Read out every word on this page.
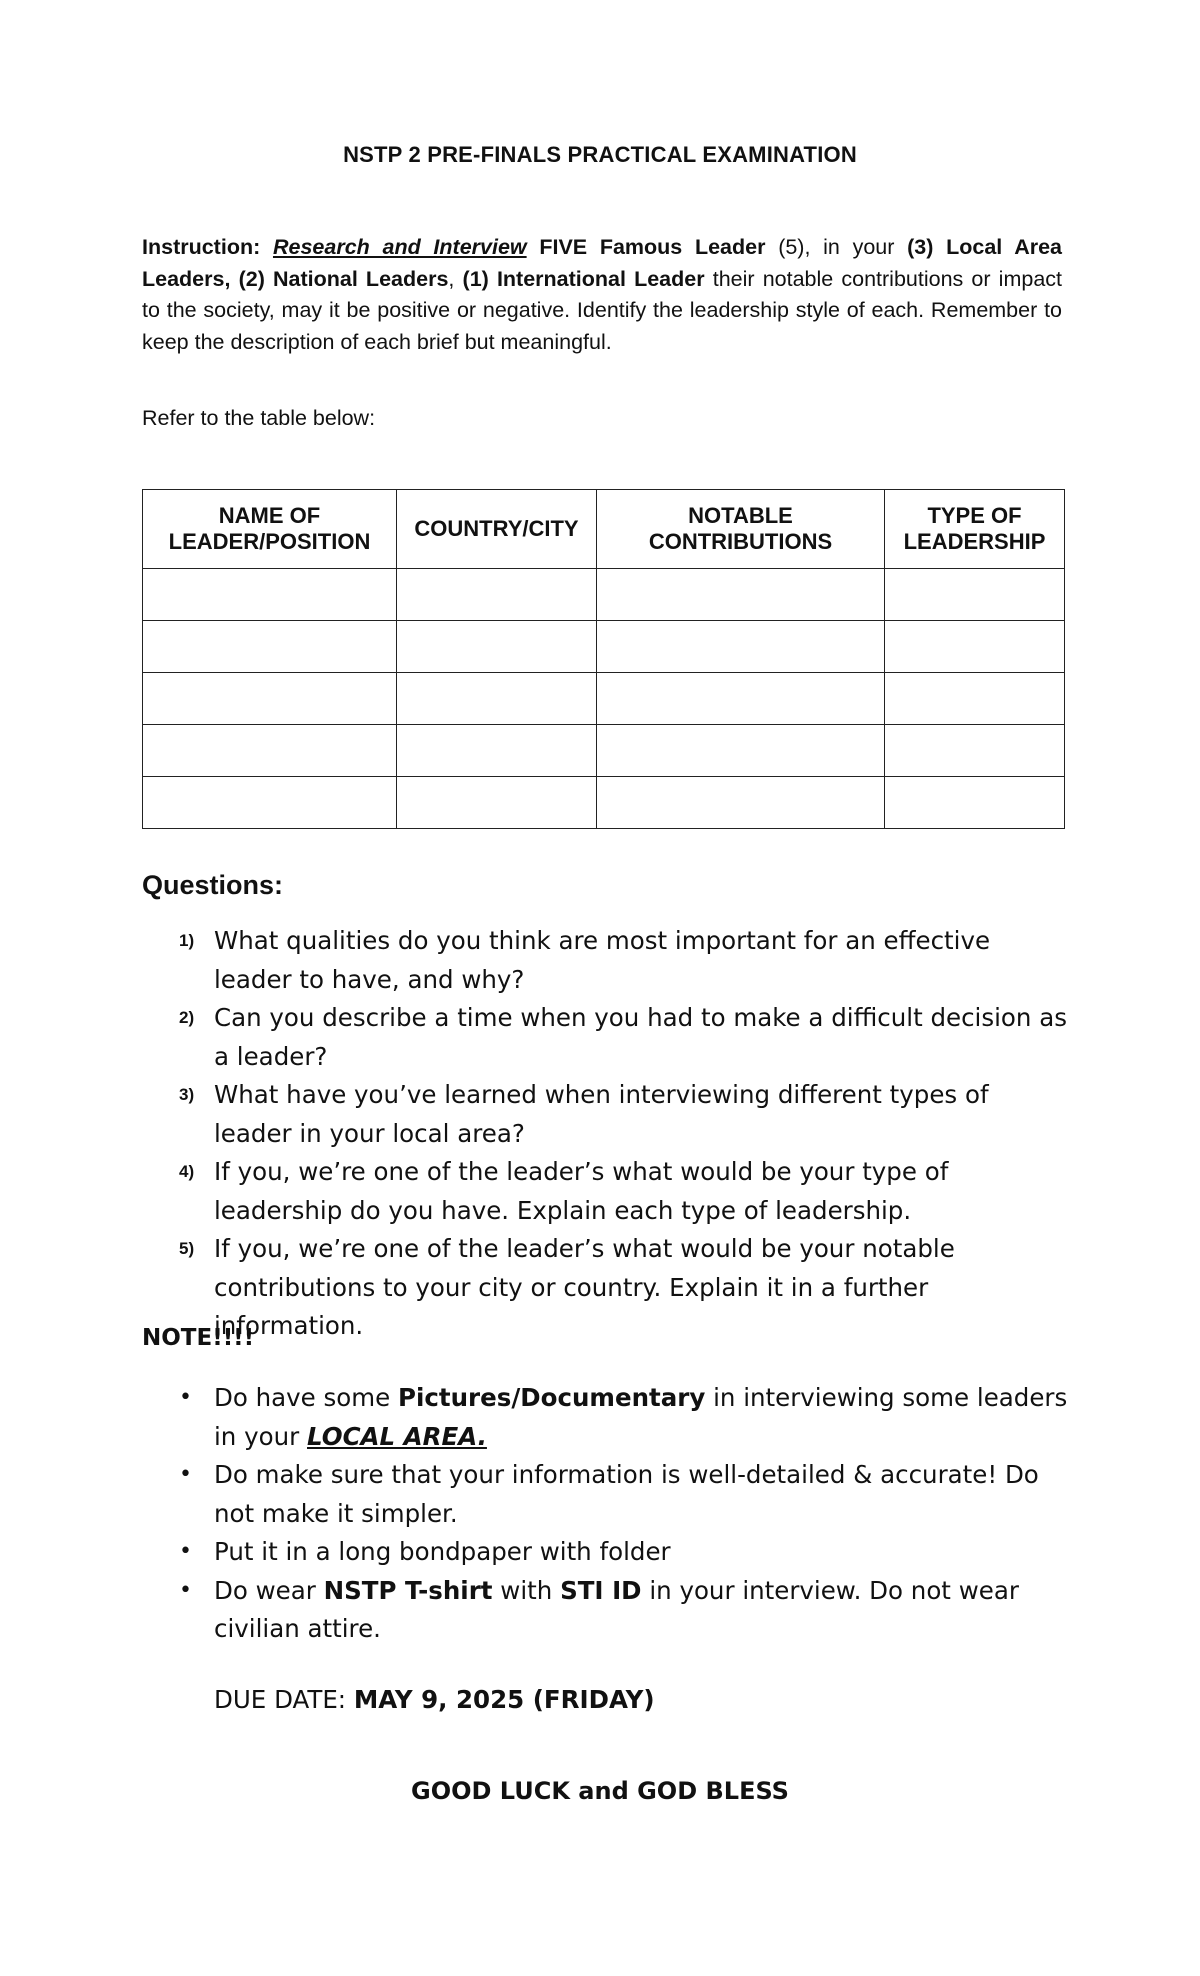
NSTP 2 PRE-FINALS PRACTICAL EXAMINATION
Instruction: Research and Interview FIVE Famous Leader (5), in your (3) Local Area Leaders, (2) National Leaders, (1) International Leader their notable contributions or impact to the society, may it be positive or negative. Identify the leadership style of each. Remember to keep the description of each brief but meaningful.
Refer to the table below:
NAME OF LEADER/POSITION	COUNTRY/CITY	NOTABLE CONTRIBUTIONS	TYPE OF LEADERSHIP

Questions:
1) What qualities do you think are most important for an effective leader to have, and why?
2) Can you describe a time when you had to make a difficult decision as a leader?
3) What have you’ve learned when interviewing different types of leader in your local area?
4) If you, we’re one of the leader’s what would be your type of leadership do you have. Explain each type of leadership.
5) If you, we’re one of the leader’s what would be your notable contributions to your city or country. Explain it in a further information.
NOTE!!!!
• Do have some Pictures/Documentary in interviewing some leaders in your LOCAL AREA.
• Do make sure that your information is well-detailed & accurate! Do not make it simpler.
• Put it in a long bondpaper with folder
• Do wear NSTP T-shirt with STI ID in your interview. Do not wear civilian attire.
DUE DATE: MAY 9, 2025 (FRIDAY)
GOOD LUCK and GOD BLESS
